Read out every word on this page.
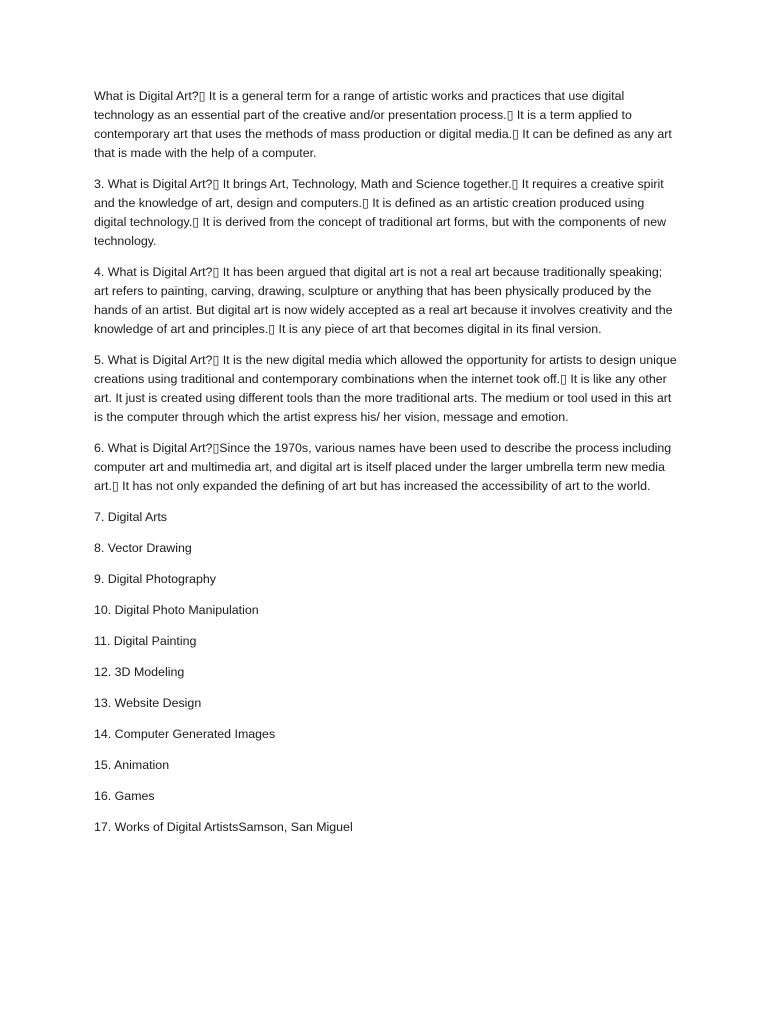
What is Digital Art?▯ It is a general term for a range of artistic works and practices that use digital technology as an essential part of the creative and/or presentation process.▯ It is a term applied to contemporary art that uses the methods of mass production or digital media.▯ It can be defined as any art that is made with the help of a computer.

3. What is Digital Art?▯ It brings Art, Technology, Math and Science together.▯ It requires a creative spirit and the knowledge of art, design and computers.▯ It is defined as an artistic creation produced using digital technology.▯ It is derived from the concept of traditional art forms, but with the components of new technology.

4. What is Digital Art?▯ It has been argued that digital art is not a real art because traditionally speaking; art refers to painting, carving, drawing, sculpture or anything that has been physically produced by the hands of an artist. But digital art is now widely accepted as a real art because it involves creativity and the knowledge of art and principles.▯ It is any piece of art that becomes digital in its final version.

5. What is Digital Art?▯ It is the new digital media which allowed the opportunity for artists to design unique creations using traditional and contemporary combinations when the internet took off.▯ It is like any other art. It just is created using different tools than the more traditional arts. The medium or tool used in this art is the computer through which the artist express his/ her vision, message and emotion.

6. What is Digital Art?▯Since the 1970s, various names have been used to describe the process including computer art and multimedia art, and digital art is itself placed under the larger umbrella term new media art.▯ It has not only expanded the defining of art but has increased the accessibility of art to the world.

7. Digital Arts

8. Vector Drawing

9. Digital Photography

10. Digital Photo Manipulation

11. Digital Painting

12. 3D Modeling

13. Website Design

14. Computer Generated Images

15. Animation

16. Games

17. Works of Digital ArtistsSamson, San Miguel
